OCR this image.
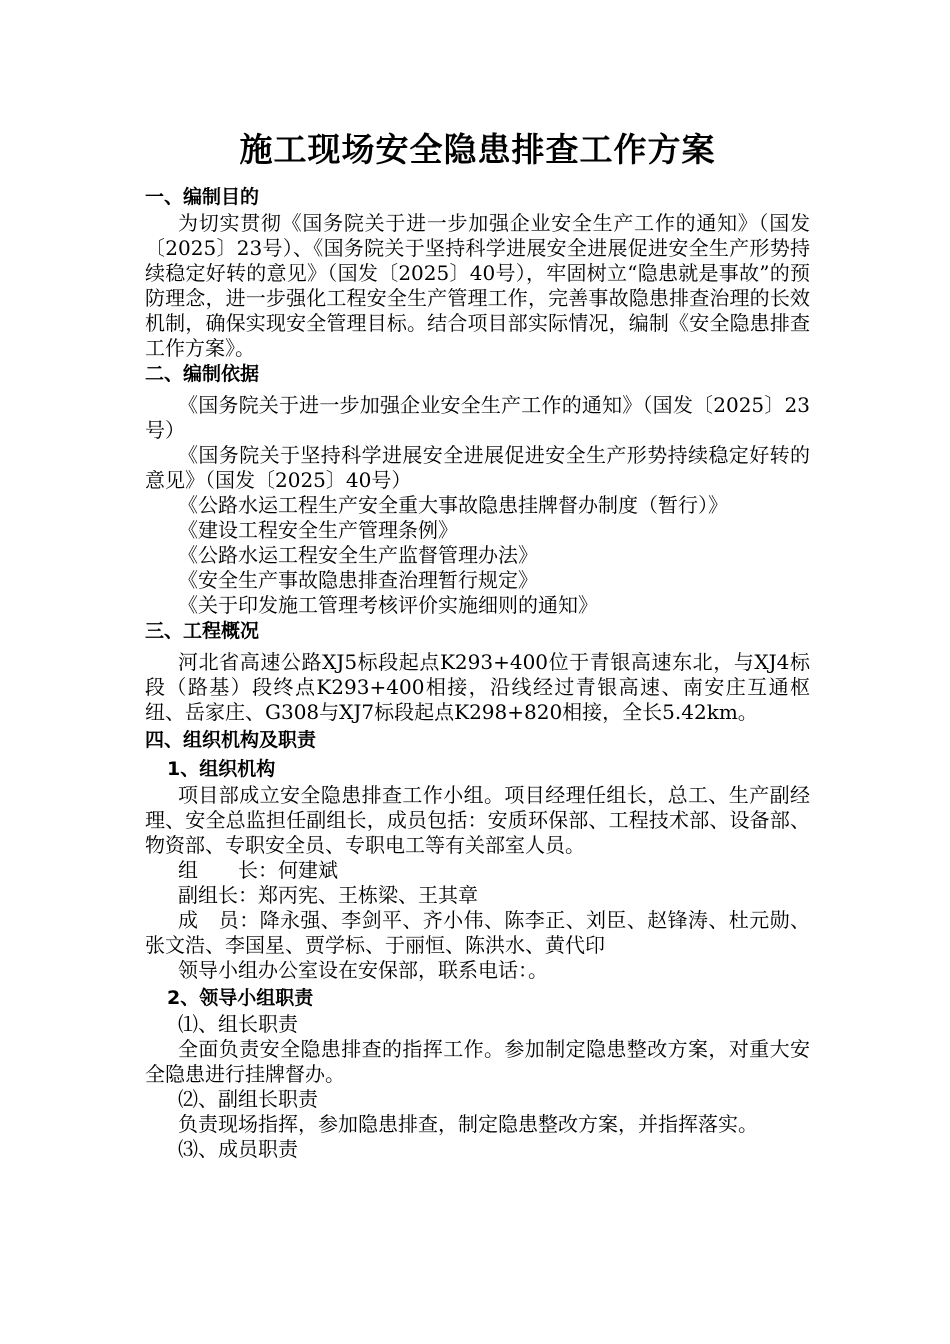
施工现场安全隐患排查工作方案
一、编制目的

为切实贯彻《国务院关于进一步加强企业安全生产工作的通知》（国发〔2025〕23号）、《国务院关于坚持科学进展安全进展促进安全生产形势持续稳定好转的意见》（国发〔2025〕40号），牢固树立“隐患就是事故”的预防理念，进一步强化工程安全生产管理工作，完善事故隐患排查治理的长效机制，确保实现安全管理目标。结合项目部实际情况，编制《安全隐患排查工作方案》。

二、编制依据

《国务院关于进一步加强企业安全生产工作的通知》（国发〔2025〕23号）

《国务院关于坚持科学进展安全进展促进安全生产形势持续稳定好转的意见》（国发〔2025〕40号）

《公路水运工程生产安全重大事故隐患挂牌督办制度（暂行）》

《建设工程安全生产管理条例》

《公路水运工程安全生产监督管理办法》

《安全生产事故隐患排查治理暂行规定》

《关于印发施工管理考核评价实施细则的通知》

三、工程概况

河北省高速公路XJ5标段起点K293+400位于青银高速东北，与XJ4标段（路基）段终点K293+400相接，沿线经过青银高速、南安庄互通枢纽、岳家庄、G308与XJ7标段起点K298+820相接，全长5.42km。

四、组织机构及职责
1、组织机构

项目部成立安全隐患排查工作小组。项目经理任组长，总工、生产副经理、安全总监担任副组长，成员包括：安质环保部、工程技术部、设备部、物资部、专职安全员、专职电工等有关部室人员。

组　　长：何建斌

副组长：郑丙宪、王栋梁、王其章

成　员：降永强、李剑平、齐小伟、陈李正、刘臣、赵锋涛、杜元勋、张文浩、李国星、贾学标、于丽恒、陈洪水、黄代印

领导小组办公室设在安保部，联系电话：。

2、领导小组职责

⑴、组长职责

全面负责安全隐患排查的指挥工作。参加制定隐患整改方案，对重大安全隐患进行挂牌督办。

⑵、副组长职责

负责现场指挥，参加隐患排查，制定隐患整改方案，并指挥落实。

⑶、成员职责
